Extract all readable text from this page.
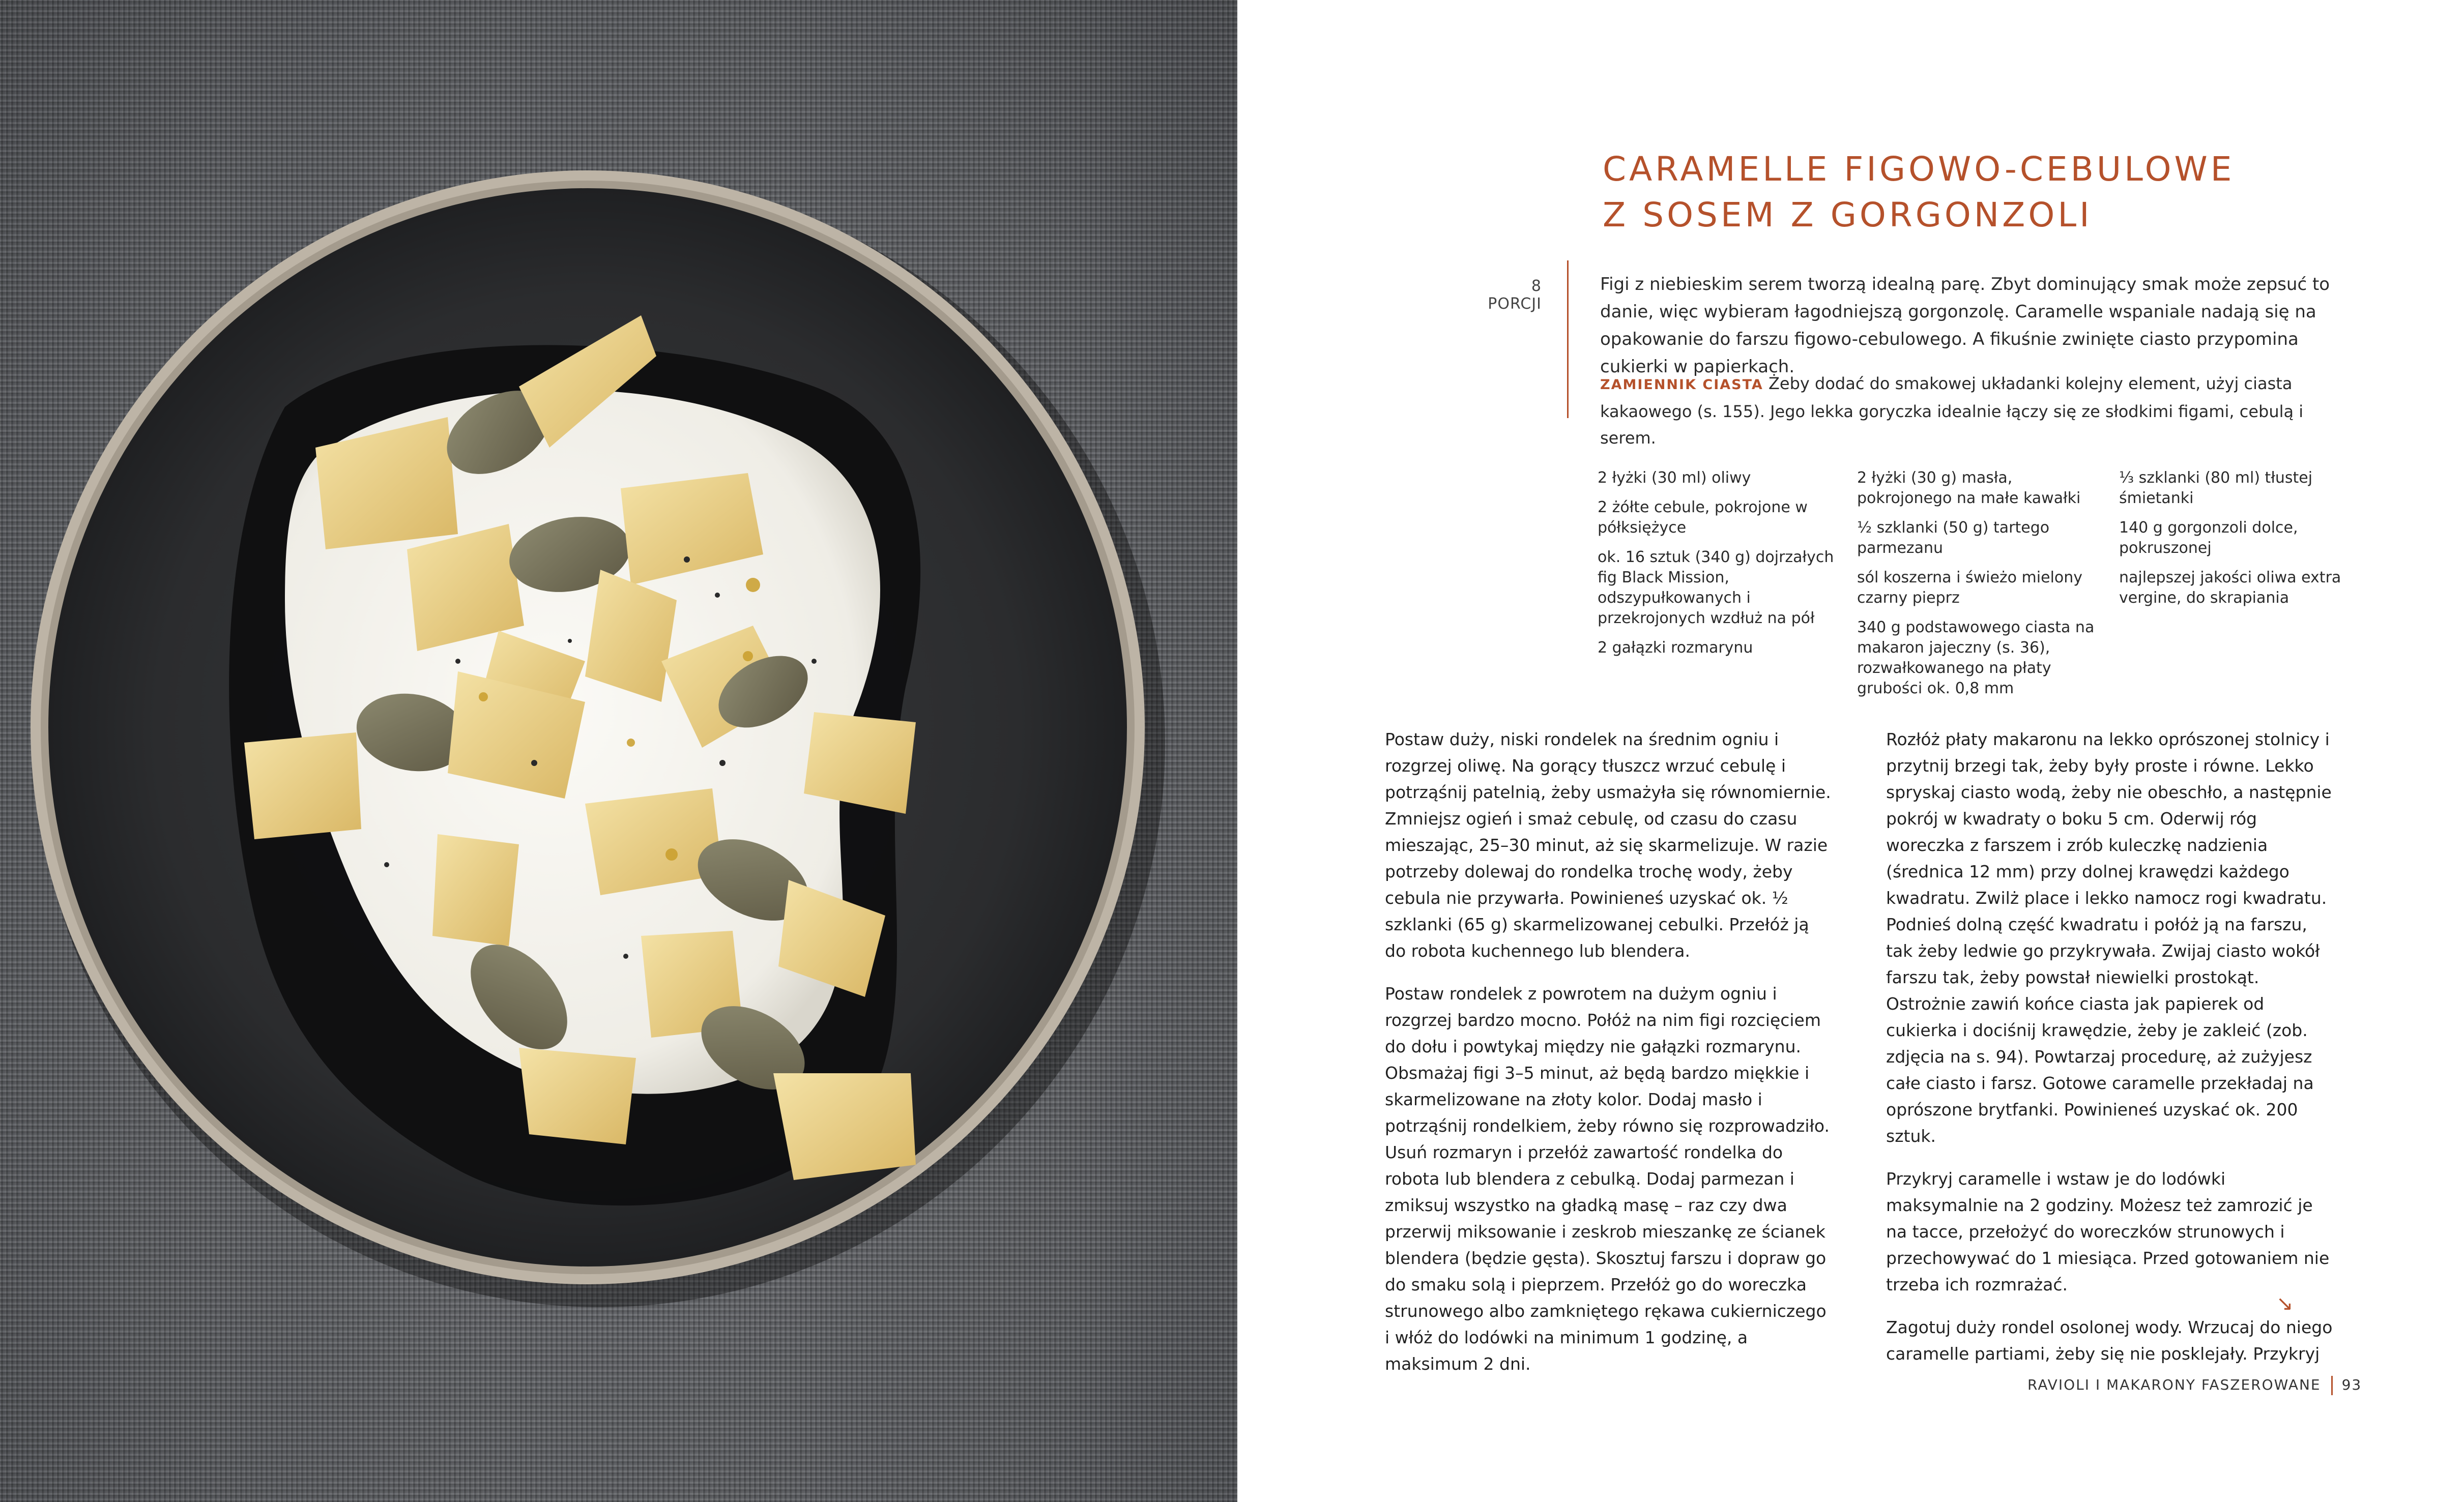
CARAMELLE FIGOWO-CEBULOWE
Z SOSEM Z GORGONZOLI
8 PORCJI

Figi z niebieskim serem tworzą idealną parę. Zbyt dominujący smak może zepsuć to danie, więc wybieram łagodniejszą gorgonzolę. Caramelle wspaniale nadają się na opakowanie do farszu figowo-cebulowego. A fikuśnie zwinięte ciasto przypomina cukierki w papierkach.

ZAMIENNIK CIASTA Żeby dodać do smakowej układanki kolejny element, użyj ciasta kakaowego (s. 155). Jego lekka goryczka idealnie łączy się ze słodkimi figami, cebulą i serem.

2 łyżki (30 ml) oliwy

2 żółte cebule, pokrojone w półksiężyce

ok. 16 sztuk (340 g) dojrzałych fig Black Mission, odszypułkowanych i przekrojonych wzdłuż na pół

2 gałązki rozmarynu

2 łyżki (30 g) masła, pokrojonego na małe kawałki

½ szklanki (50 g) tartego parmezanu

sól koszerna i świeżo mielony czarny pieprz

340 g podstawowego ciasta na makaron jajeczny (s. 36), rozwałkowanego na płaty grubości ok. 0,8 mm

⅓ szklanki (80 ml) tłustej śmietanki

140 g gorgonzoli dolce, pokruszonej

najlepszej jakości oliwa extra vergine, do skrapiania

Postaw duży, niski rondelek na średnim ogniu i rozgrzej oliwę. Na gorący tłuszcz wrzuć cebulę i potrząśnij patelnią, żeby usmażyła się równomiernie. Zmniejsz ogień i smaż cebulę, od czasu do czasu mieszając, 25–30 minut, aż się skarmelizuje. W razie potrzeby dolewaj do rondelka trochę wody, żeby cebula nie przywarła. Powinieneś uzyskać ok. ½ szklanki (65 g) skarmelizowanej cebulki. Przełóż ją do robota kuchennego lub blendera.

Postaw rondelek z powrotem na dużym ogniu i rozgrzej bardzo mocno. Połóż na nim figi rozcięciem do dołu i powtykaj między nie gałązki rozmarynu. Obsmażaj figi 3–5 minut, aż będą bardzo miękkie i skarmelizowane na złoty kolor. Dodaj masło i potrząśnij rondelkiem, żeby równo się rozprowadziło. Usuń rozmaryn i przełóż zawartość rondelka do robota lub blendera z cebulką. Dodaj parmezan i zmiksuj wszystko na gładką masę – raz czy dwa przerwij miksowanie i zeskrob mieszankę ze ścianek blendera (będzie gęsta). Skosztuj farszu i dopraw go do smaku solą i pieprzem. Przełóż go do woreczka strunowego albo zamkniętego rękawa cukierniczego i włóż do lodówki na minimum 1 godzinę, a maksimum 2 dni.

Rozłóż płaty makaronu na lekko oprószonej stolnicy i przytnij brzegi tak, żeby były proste i równe. Lekko spryskaj ciasto wodą, żeby nie obeschło, a następnie pokrój w kwadraty o boku 5 cm. Oderwij róg woreczka z farszem i zrób kuleczkę nadzienia (średnica 12 mm) przy dolnej krawędzi każdego kwadratu. Zwilż place i lekko namocz rogi kwadratu. Podnieś dolną część kwadratu i połóż ją na farszu, tak żeby ledwie go przykrywała. Zwijaj ciasto wokół farszu tak, żeby powstał niewielki prostokąt. Ostrożnie zawiń końce ciasta jak papierek od cukierka i dociśnij krawędzie, żeby je zakleić (zob. zdjęcia na s. 94). Powtarzaj procedurę, aż zużyjesz całe ciasto i farsz. Gotowe caramelle przekładaj na oprószone brytfanki. Powinieneś uzyskać ok. 200 sztuk.

Przykryj caramelle i wstaw je do lodówki maksymalnie na 2 godziny. Możesz też zamrozić je na tacce, przełożyć do woreczków strunowych i przechowywać do 1 miesiąca. Przed gotowaniem nie trzeba ich rozmrażać.

Zagotuj duży rondel osolonej wody. Wrzucaj do niego caramelle partiami, żeby się nie posklejały. Przykryj

↘
RAVIOLI I MAKARONY FASZEROWANE 93
